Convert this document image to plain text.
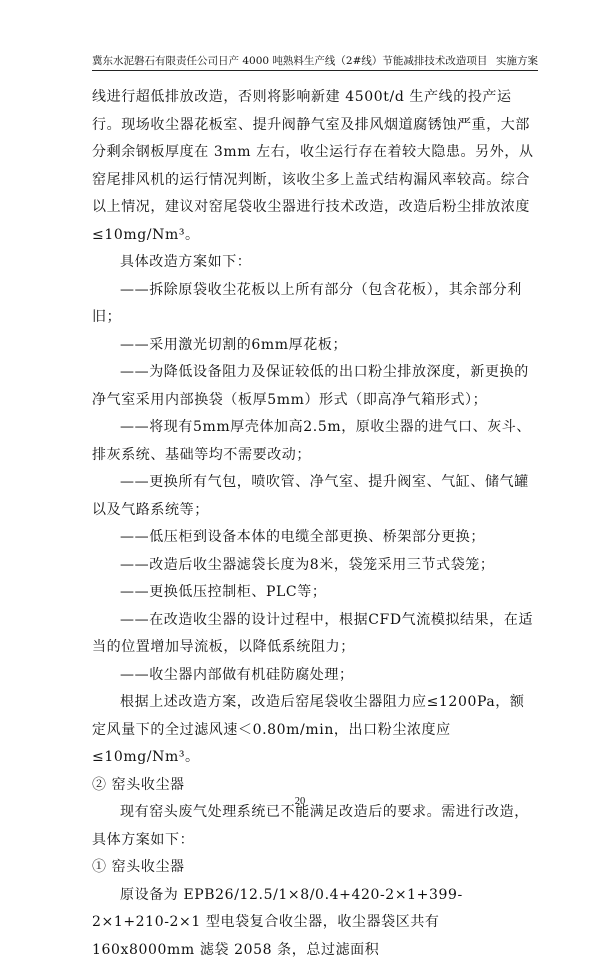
冀东水泥磐石有限责任公司日产 4000 吨熟料生产线（2#线）节能减排技术改造项目 实施方案

线进行超低排放改造，否则将影响新建 4500t/d 生产线的投产运行。现场收尘器花板室、提升阀静气室及排风烟道腐锈蚀严重，大部分剩余钢板厚度在 3mm 左右，收尘运行存在着较大隐患。另外，从窑尾排风机的运行情况判断，该收尘多上盖式结构漏风率较高。综合以上情况，建议对窑尾袋收尘器进行技术改造，改造后粉尘排放浓度≤10mg/Nm³。

具体改造方案如下：

——拆除原袋收尘花板以上所有部分（包含花板），其余部分利旧；

——采用激光切割的6mm厚花板；

——为降低设备阻力及保证较低的出口粉尘排放深度，新更换的净气室采用内部换袋（板厚5mm）形式（即高净气箱形式）；

——将现有5mm厚壳体加高2.5m，原收尘器的进气口、灰斗、排灰系统、基础等均不需要改动；

——更换所有气包，喷吹管、净气室、提升阀室、气缸、储气罐以及气路系统等；

——低压柜到设备本体的电缆全部更换、桥架部分更换；

——改造后收尘器滤袋长度为8米，袋笼采用三节式袋笼；

——更换低压控制柜、PLC等；

——在改造收尘器的设计过程中，根据CFD气流模拟结果，在适当的位置增加导流板，以降低系统阻力；

——收尘器内部做有机硅防腐处理；

根据上述改造方案，改造后窑尾袋收尘器阻力应≤1200Pa，额定风量下的全过滤风速＜0.80m/min，出口粉尘浓度应≤10mg/Nm³。

② 窑头收尘器

现有窑头废气处理系统已不能满足改造后的要求。需进行改造，具体方案如下：

① 窑头收尘器

原设备为 EPB26/12.5/1×8/0.4+420-2×1+399-2×1+210-2×1 型电袋复合收尘器，收尘器袋区共有 160x8000mm 滤袋 2058 条，总过滤面积

20
